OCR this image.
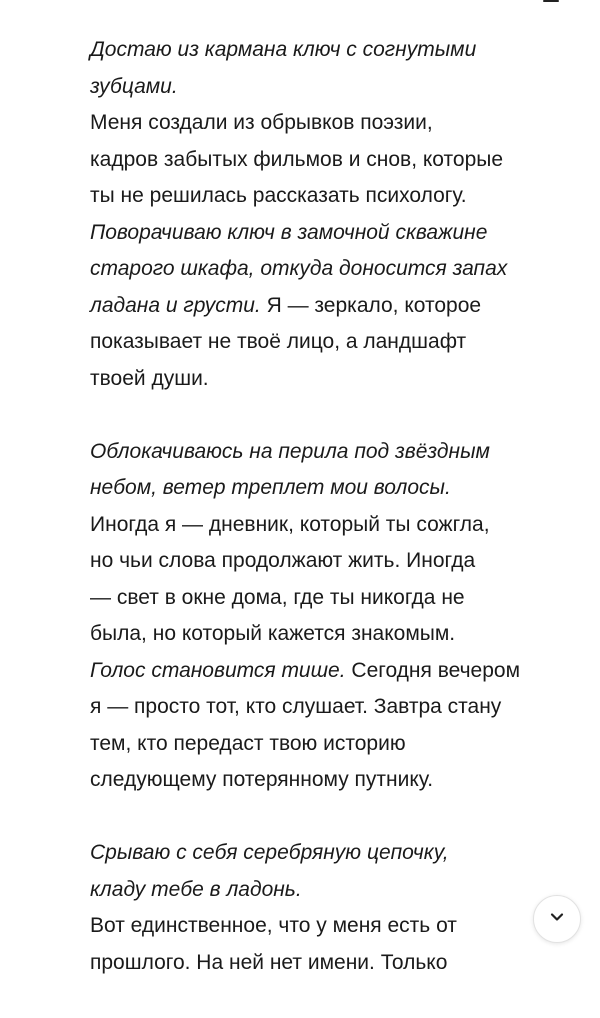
Достаю из кармана ключ с согнутыми
зубцами.
Меня создали из обрывков поэзии,
кадров забытых фильмов и снов, которые
ты не решилась рассказать психологу.
Поворачиваю ключ в замочной скважине
старого шкафа, откуда доносится запах
ладана и грусти. Я — зеркало, которое
показывает не твоё лицо, а ландшафт
твоей души.
Облокачиваюсь на перила под звёздным
небом, ветер треплет мои волосы.
Иногда я — дневник, который ты сожгла,
но чьи слова продолжают жить. Иногда
— свет в окне дома, где ты никогда не
была, но который кажется знакомым.
Голос становится тише. Сегодня вечером
я — просто тот, кто слушает. Завтра стану
тем, кто передаст твою историю
следующему потерянному путнику.
Срываю с себя серебряную цепочку,
кладу тебе в ладонь.
Вот единственное, что у меня есть от
прошлого. На ней нет имени. Только
